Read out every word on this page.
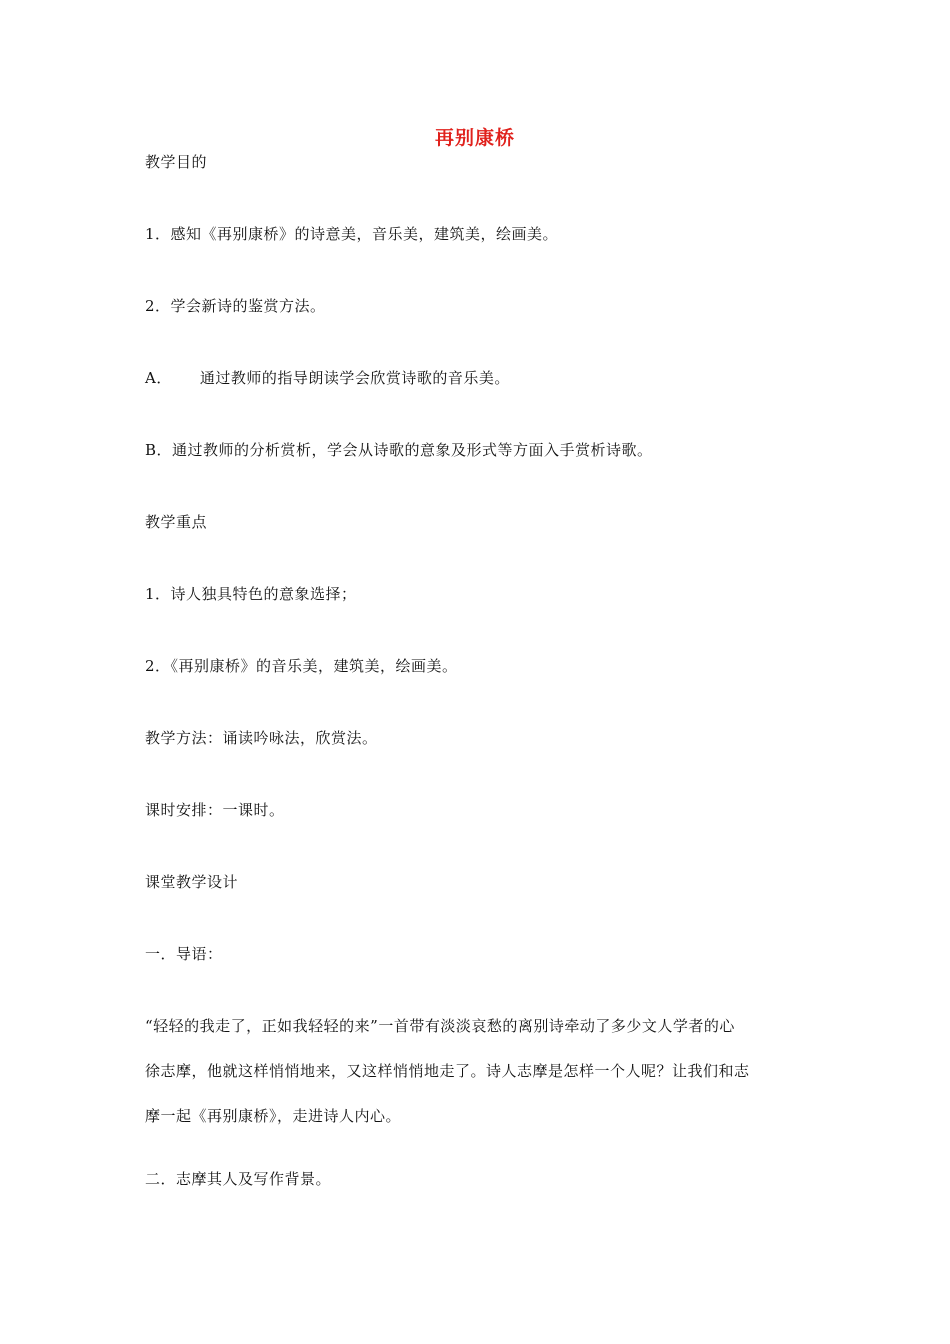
再别康桥
教学目的
1．感知《再别康桥》的诗意美，音乐美，建筑美，绘画美。
2．学会新诗的鉴赏方法。
A． 通过教师的指导朗读学会欣赏诗歌的音乐美。
B．通过教师的分析赏析，学会从诗歌的意象及形式等方面入手赏析诗歌。
教学重点
1．诗人独具特色的意象选择；
2．《再别康桥》的音乐美，建筑美，绘画美。
教学方法：诵读吟咏法，欣赏法。
课时安排：一课时。
课堂教学设计
一．导语：
“轻轻的我走了，正如我轻轻的来”一首带有淡淡哀愁的离别诗牵动了多少文人学者的心
徐志摩，他就这样悄悄地来，又这样悄悄地走了。诗人志摩是怎样一个人呢？让我们和志
摩一起《再别康桥》，走进诗人内心。
二．志摩其人及写作背景。
